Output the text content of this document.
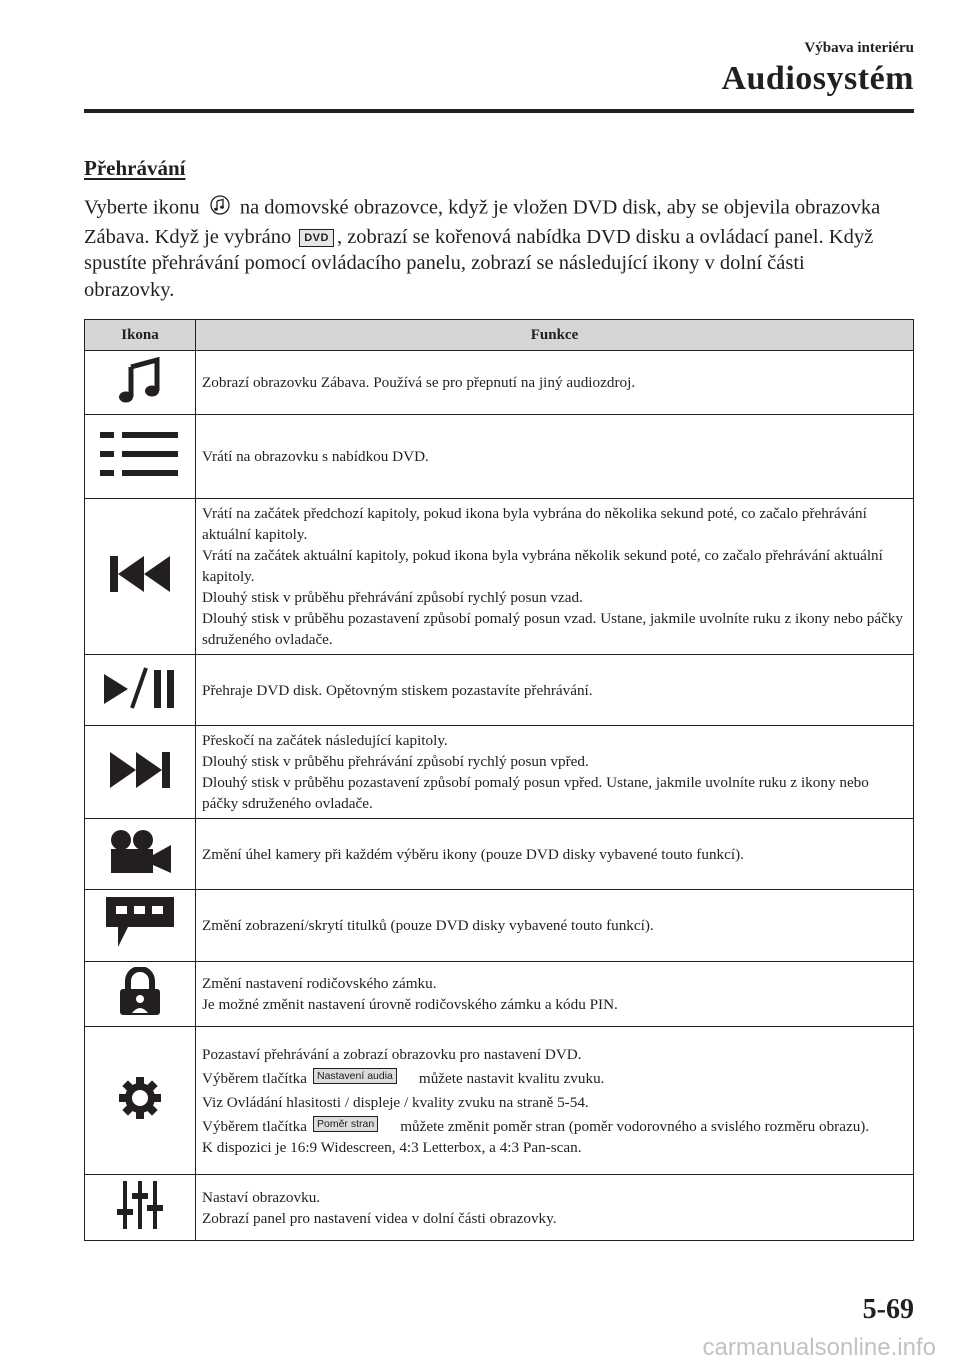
Výbava interiéru
Audiosystém
Přehrávání
Vyberte ikonu na domovské obrazovce, když je vložen DVD disk, aby se objevila obrazovka Zábava. Když je vybráno DVD , zobrazí se kořenová nabídka DVD disku a ovládací panel. Když spustíte přehrávání pomocí ovládacího panelu, zobrazí se následující ikony v dolní části obrazovky.
Ikona	Funkce

Zobrazí obrazovku Zábava. Používá se pro přepnutí na jiný audiozdroj.

Vrátí na obrazovku s nabídkou DVD.

Vrátí na začátek předchozí kapitoly, pokud ikona byla vybrána do několika sekund poté, co začalo přehrávání aktuální kapitoly.
Vrátí na začátek aktuální kapitoly, pokud ikona byla vybrána několik sekund poté, co začalo přehrávání aktuální kapitoly.
Dlouhý stisk v průběhu přehrávání způsobí rychlý posun vzad.
Dlouhý stisk v průběhu pozastavení způsobí pomalý posun vzad. Ustane, jakmile uvolníte ruku z ikony nebo páčky sdruženého ovladače.

Přehraje DVD disk. Opětovným stiskem pozastavíte přehrávání.

Přeskočí na začátek následující kapitoly.
Dlouhý stisk v průběhu přehrávání způsobí rychlý posun vpřed.
Dlouhý stisk v průběhu pozastavení způsobí pomalý posun vpřed. Ustane, jakmile uvolníte ruku z ikony nebo páčky sdruženého ovladače.

Změní úhel kamery při každém výběru ikony (pouze DVD disky vybavené touto funkcí).

Změní zobrazení/skrytí titulků (pouze DVD disky vybavené touto funkcí).

Změní nastavení rodičovského zámku.
Je možné změnit nastavení úrovně rodičovského zámku a kódu PIN.

Pozastaví přehrávání a zobrazí obrazovku pro nastavení DVD.
Výběrem tlačítka Nastavení audia můžete nastavit kvalitu zvuku.
Viz Ovládání hlasitosti / displeje / kvality zvuku na straně 5-54.
Výběrem tlačítka Poměr stran můžete změnit poměr stran (poměr vodorovného a svislého rozměru obrazu).
K dispozici je 16:9 Widescreen, 4:3 Letterbox, a 4:3 Pan-scan.

Nastaví obrazovku.
Zobrazí panel pro nastavení videa v dolní části obrazovky.
5-69
carmanualsonline.info
